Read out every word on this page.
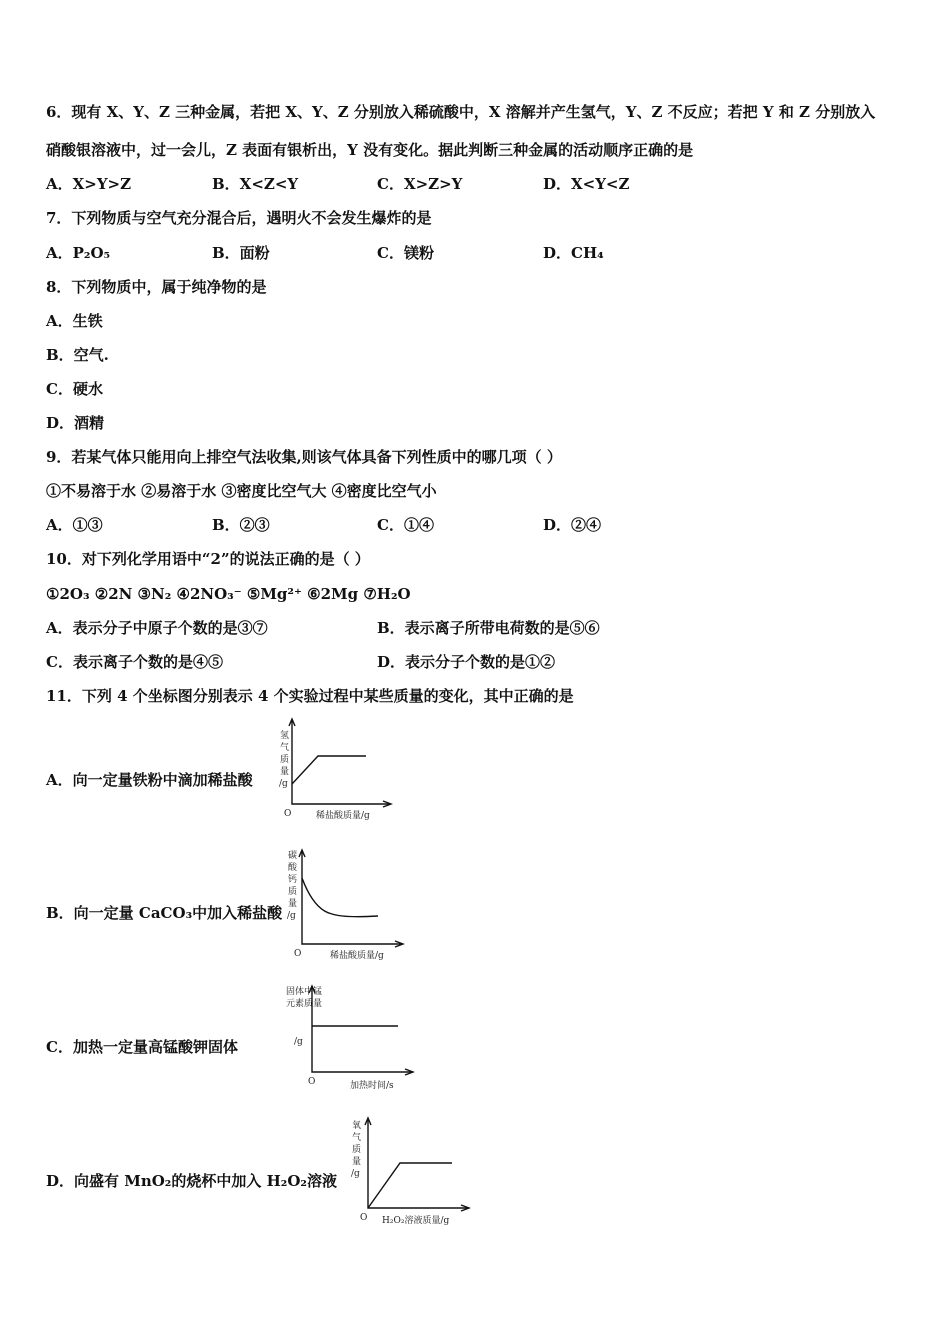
6．现有 X、Y、Z 三种金属，若把 X、Y、Z 分别放入稀硫酸中，X 溶解并产生氢气，Y、Z 不反应；若把 Y 和 Z 分别放入
硝酸银溶液中，过一会儿，Z 表面有银析出，Y 没有变化。据此判断三种金属的活动顺序正确的是
A．X>Y>Z	B．X<Z<Y	C．X>Z>Y	D．X<Y<Z
7．下列物质与空气充分混合后，遇明火不会发生爆炸的是
A．P₂O₅	B．面粉	C．镁粉	D．CH₄
8．下列物质中，属于纯净物的是
A．生铁
B．空气.
C．硬水
D．酒精
9．若某气体只能用向上排空气法收集,则该气体具备下列性质中的哪几项（ ）
①不易溶于水 ②易溶于水 ③密度比空气大 ④密度比空气小
A．①③	B．②③	C．①④	D．②④
10．对下列化学用语中“2”的说法正确的是（ ）
①2O₃ ②2N ③N₂ ④2NO₃⁻ ⑤Mg²⁺ ⑥2Mg ⑦H₂O
A．表示分子中原子个数的是③⑦	B．表示离子所带电荷数的是⑤⑥
C．表示离子个数的是④⑤	D．表示分子个数的是①②
11．下列 4 个坐标图分别表示 4 个实验过程中某些质量的变化，其中正确的是
A．向一定量铁粉中滴加稀盐酸
氢
气
质
量
/g
O	稀盐酸质量/g
B．向一定量 CaCO₃中加入稀盐酸
碳
酸
钙
质
量
/g
O	稀盐酸质量/g
C．加热一定量高锰酸钾固体
固体中锰
元素质量
/g
O	加热时间/s
D．向盛有 MnO₂的烧杯中加入 H₂O₂溶液
氧
气
质
量
/g
O H₂O₂溶液质量/g
